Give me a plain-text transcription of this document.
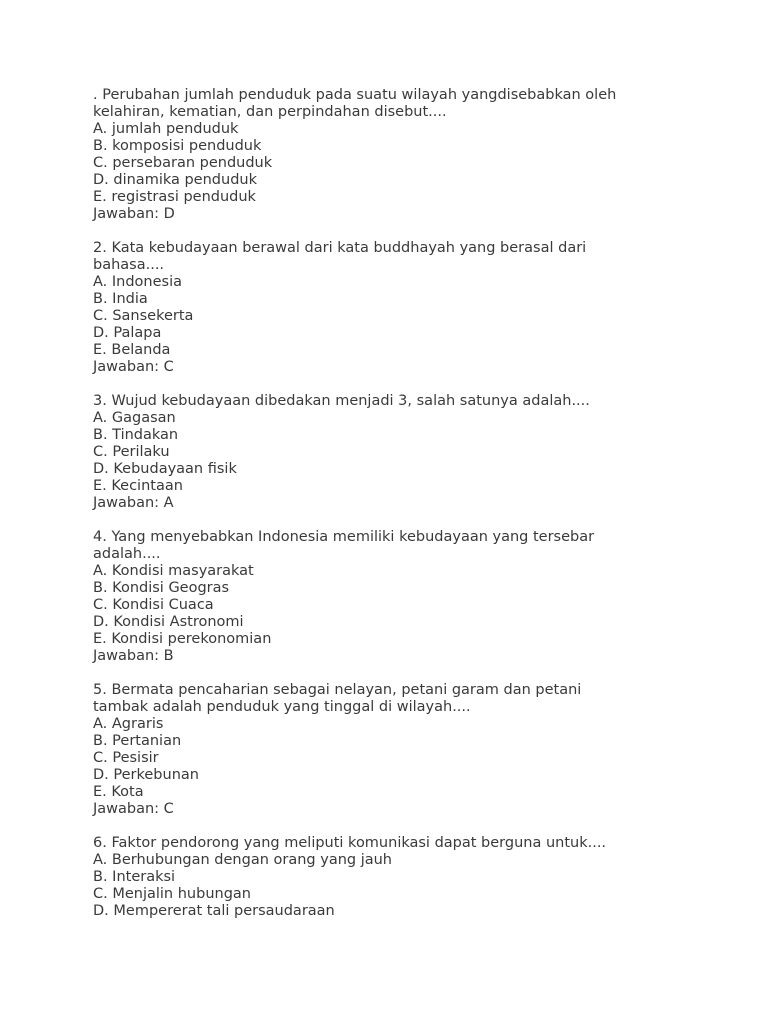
. Perubahan jumlah penduduk pada suatu wilayah yangdisebabkan oleh
kelahiran, kematian, dan perpindahan disebut....
A. jumlah penduduk
B. komposisi penduduk
C. persebaran penduduk
D. dinamika penduduk
E. registrasi penduduk
Jawaban: D
2. Kata kebudayaan berawal dari kata buddhayah yang berasal dari
bahasa....
A. Indonesia
B. India
C. Sansekerta
D. Palapa
E. Belanda
Jawaban: C
3. Wujud kebudayaan dibedakan menjadi 3, salah satunya adalah....
A. Gagasan
B. Tindakan
C. Perilaku
D. Kebudayaan fisik
E. Kecintaan
Jawaban: A
4. Yang menyebabkan Indonesia memiliki kebudayaan yang tersebar
adalah....
A. Kondisi masyarakat
B. Kondisi Geogras
C. Kondisi Cuaca
D. Kondisi Astronomi
E. Kondisi perekonomian
Jawaban: B
5. Bermata pencaharian sebagai nelayan, petani garam dan petani
tambak adalah penduduk yang tinggal di wilayah....
A. Agraris
B. Pertanian
C. Pesisir
D. Perkebunan
E. Kota
Jawaban: C
6. Faktor pendorong yang meliputi komunikasi dapat berguna untuk....
A. Berhubungan dengan orang yang jauh
B. Interaksi
C. Menjalin hubungan
D. Mempererat tali persaudaraan
